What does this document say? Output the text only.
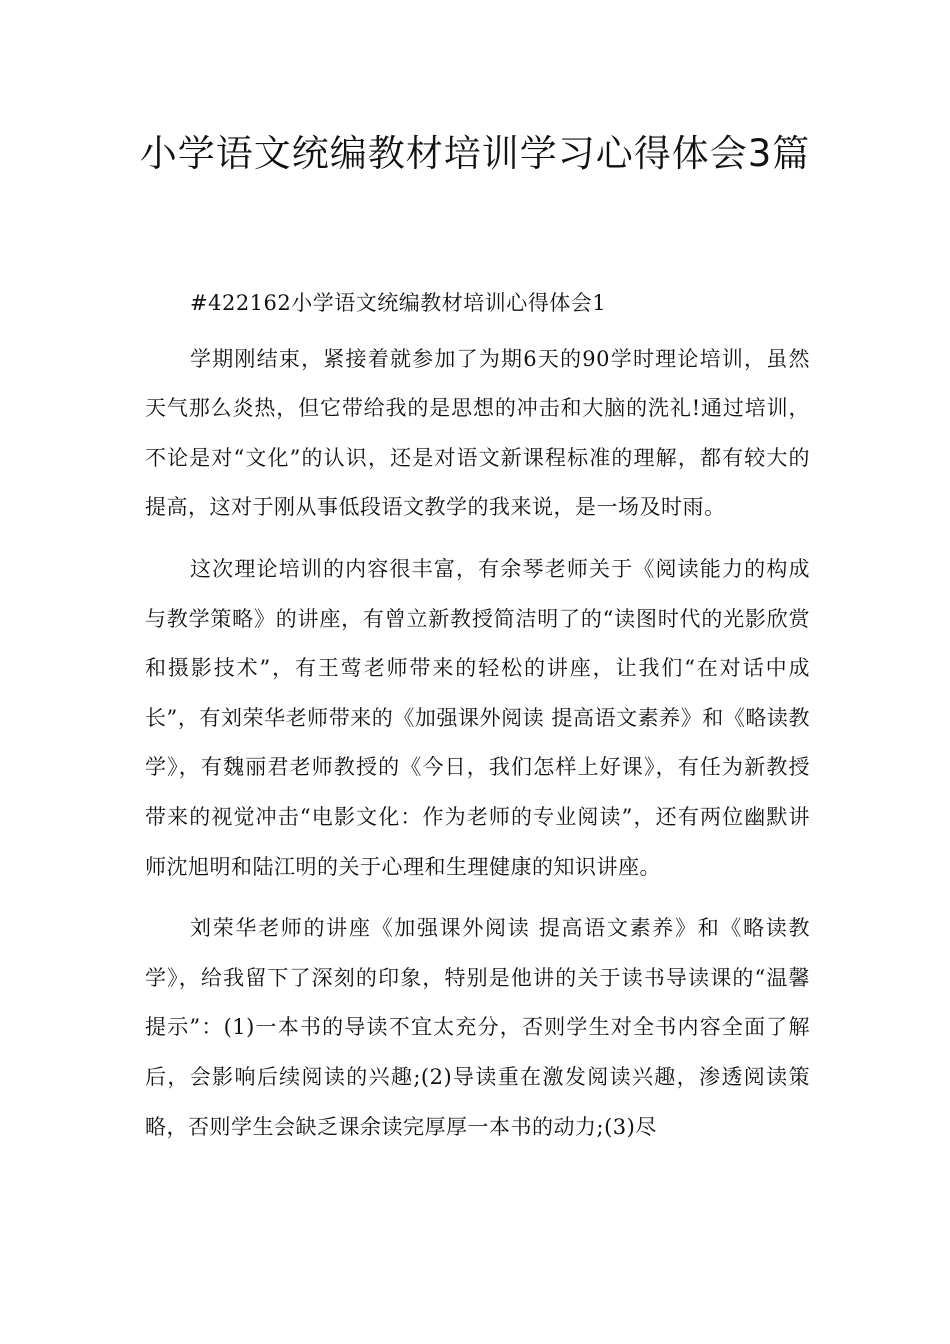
小学语文统编教材培训学习心得体会3篇

#422162小学语文统编教材培训心得体会1

学期刚结束，紧接着就参加了为期6天的90学时理论培训，虽然天气那么炎热，但它带给我的是思想的冲击和大脑的洗礼!通过培训，不论是对“文化”的认识，还是对语文新课程标准的理解，都有较大的提高，这对于刚从事低段语文教学的我来说，是一场及时雨。

这次理论培训的内容很丰富，有余琴老师关于《阅读能力的构成与教学策略》的讲座，有曾立新教授简洁明了的“读图时代的光影欣赏和摄影技术”，有王莺老师带来的轻松的讲座，让我们“在对话中成长”，有刘荣华老师带来的《加强课外阅读 提高语文素养》和《略读教学》，有魏丽君老师教授的《今日，我们怎样上好课》，有任为新教授带来的视觉冲击“电影文化：作为老师的专业阅读”，还有两位幽默讲师沈旭明和陆江明的关于心理和生理健康的知识讲座。

刘荣华老师的讲座《加强课外阅读 提高语文素养》和《略读教学》，给我留下了深刻的印象，特别是他讲的关于读书导读课的“温馨提示”：(1)一本书的导读不宜太充分，否则学生对全书内容全面了解后，会影响后续阅读的兴趣;(2)导读重在激发阅读兴趣，渗透阅读策略，否则学生会缺乏课余读完厚厚一本书的动力;(3)尽
